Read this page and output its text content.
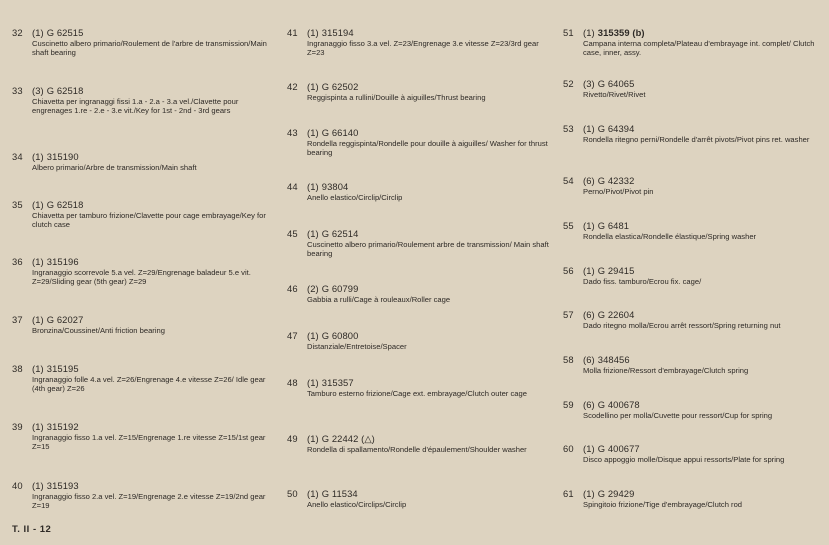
32 (1) G 62515
Cuscinetto albero primario/Roulement de l'arbre de transmission/Main shaft bearing
33 (3) G 62518
Chiavetta per ingranaggi fissi 1.a - 2.a - 3.a vel./Clavette pour engrenages 1.re - 2.e - 3.e vit./Key for 1st - 2nd - 3rd gears
34 (1) 315190
Albero primario/Arbre de transmission/Main shaft
35 (1) G 62518
Chiavetta per tamburo frizione/Clavette pour cage embrayage/Key for clutch case
36 (1) 315196
Ingranaggio scorrevole 5.a vel. Z=29/Engrenage baladeur 5.e vit. Z=29/Sliding gear (5th gear) Z=29
37 (1) G 62027
Bronzina/Coussinet/Anti friction bearing
38 (1) 315195
Ingranaggio folle 4.a vel. Z=26/Engrenage 4.e vitesse Z=26/ Idle gear (4th gear) Z=26
39 (1) 315192
Ingranaggio fisso 1.a vel. Z=15/Engrenage 1.re vitesse Z=15/1st gear Z=15
40 (1) 315193
Ingranaggio fisso 2.a vel. Z=19/Engrenage 2.e vitesse Z=19/2nd gear Z=19
41 (1) 315194
Ingranaggio fisso 3.a vel. Z=23/Engrenage 3.e vitesse Z=23/3rd gear Z=23
42 (1) G 62502
Reggispinta a rullini/Douille à aiguilles/Thrust bearing
43 (1) G 66140
Rondella reggispinta/Rondelle pour douille à aiguilles/ Washer for thrust bearing
44 (1) 93804
Anello elastico/Circlip/Circlip
45 (1) G 62514
Cuscinetto albero primario/Roulement arbre de transmission/ Main shaft bearing
46 (2) G 60799
Gabbia a rulli/Cage à rouleaux/Roller cage
47 (1) G 60800
Distanziale/Entretoise/Spacer
48 (1) 315357
Tamburo esterno frizione/Cage ext. embrayage/Clutch outer cage
49 (1) G 22442 (△)
Rondella di spallamento/Rondelle d'épaulement/Shoulder washer
50 (1) G 11534
Anello elastico/Circlips/Circlip
51 (1) 315359 (b)
Campana interna completa/Plateau d'embrayage int. complet/ Clutch case, inner, assy.
52 (3) G 64065
Rivetto/Rivet/Rivet
53 (1) G 64394
Rondella ritegno perni/Rondelle d'arrêt pivots/Pivot pins ret. washer
54 (6) G 42332
Perno/Pivot/Pivot pin
55 (1) G 6481
Rondella elastica/Rondelle élastique/Spring washer
56 (1) G 29415
Dado fiss. tamburo/Ecrou fix. cage/
57 (6) G 22604
Dado ritegno molla/Ecrou arrêt ressort/Spring returning nut
58 (6) 348456
Molla frizione/Ressort d'embrayage/Clutch spring
59 (6) G 400678
Scodellino per molla/Cuvette pour ressort/Cup for spring
60 (1) G 400677
Disco appoggio molle/Disque appui ressorts/Plate for spring
61 (1) G 29429
Spingitoio frizione/Tige d'embrayage/Clutch rod
T. II - 12
